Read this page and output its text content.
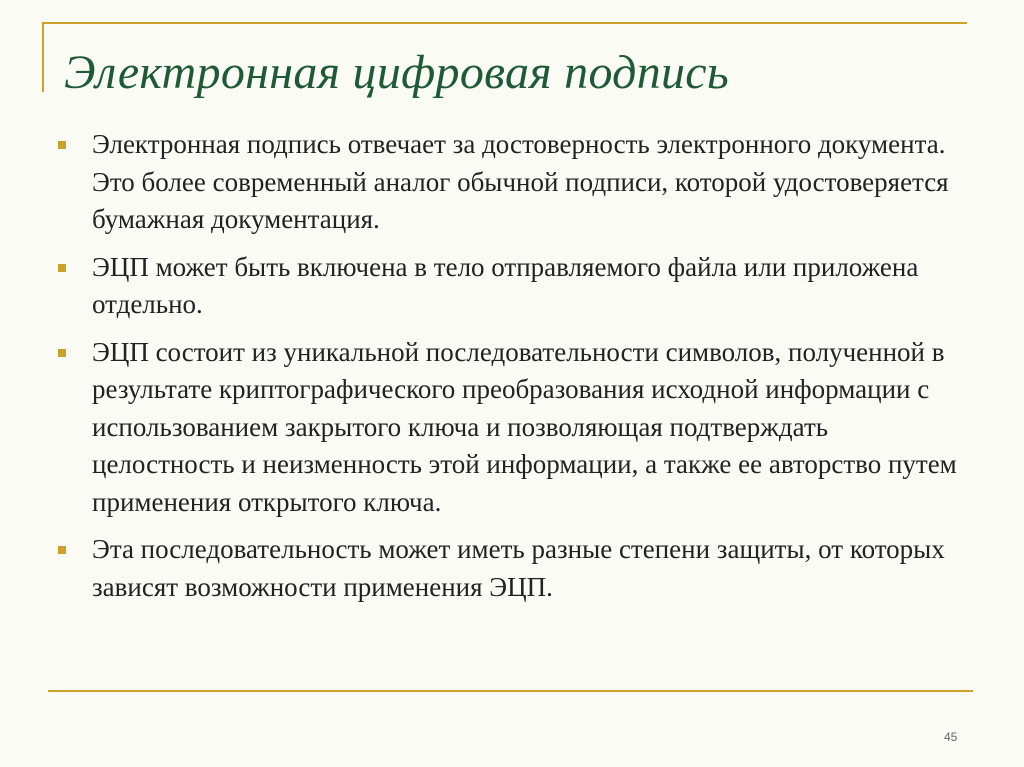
Электронная цифровая подпись
Электронная подпись отвечает за достоверность электронного документа. Это более современный аналог обычной подписи, которой удостоверяется бумажная документация.
ЭЦП может быть включена в тело отправляемого файла или приложена отдельно.
ЭЦП состоит из уникальной последовательности символов, полученной в результате криптографического преобразования исходной информации с использованием закрытого ключа и позволяющая подтверждать целостность и неизменность этой информации, а также ее авторство путем применения открытого ключа.
Эта последовательность может иметь разные степени защиты, от которых зависят возможности применения ЭЦП.
45
